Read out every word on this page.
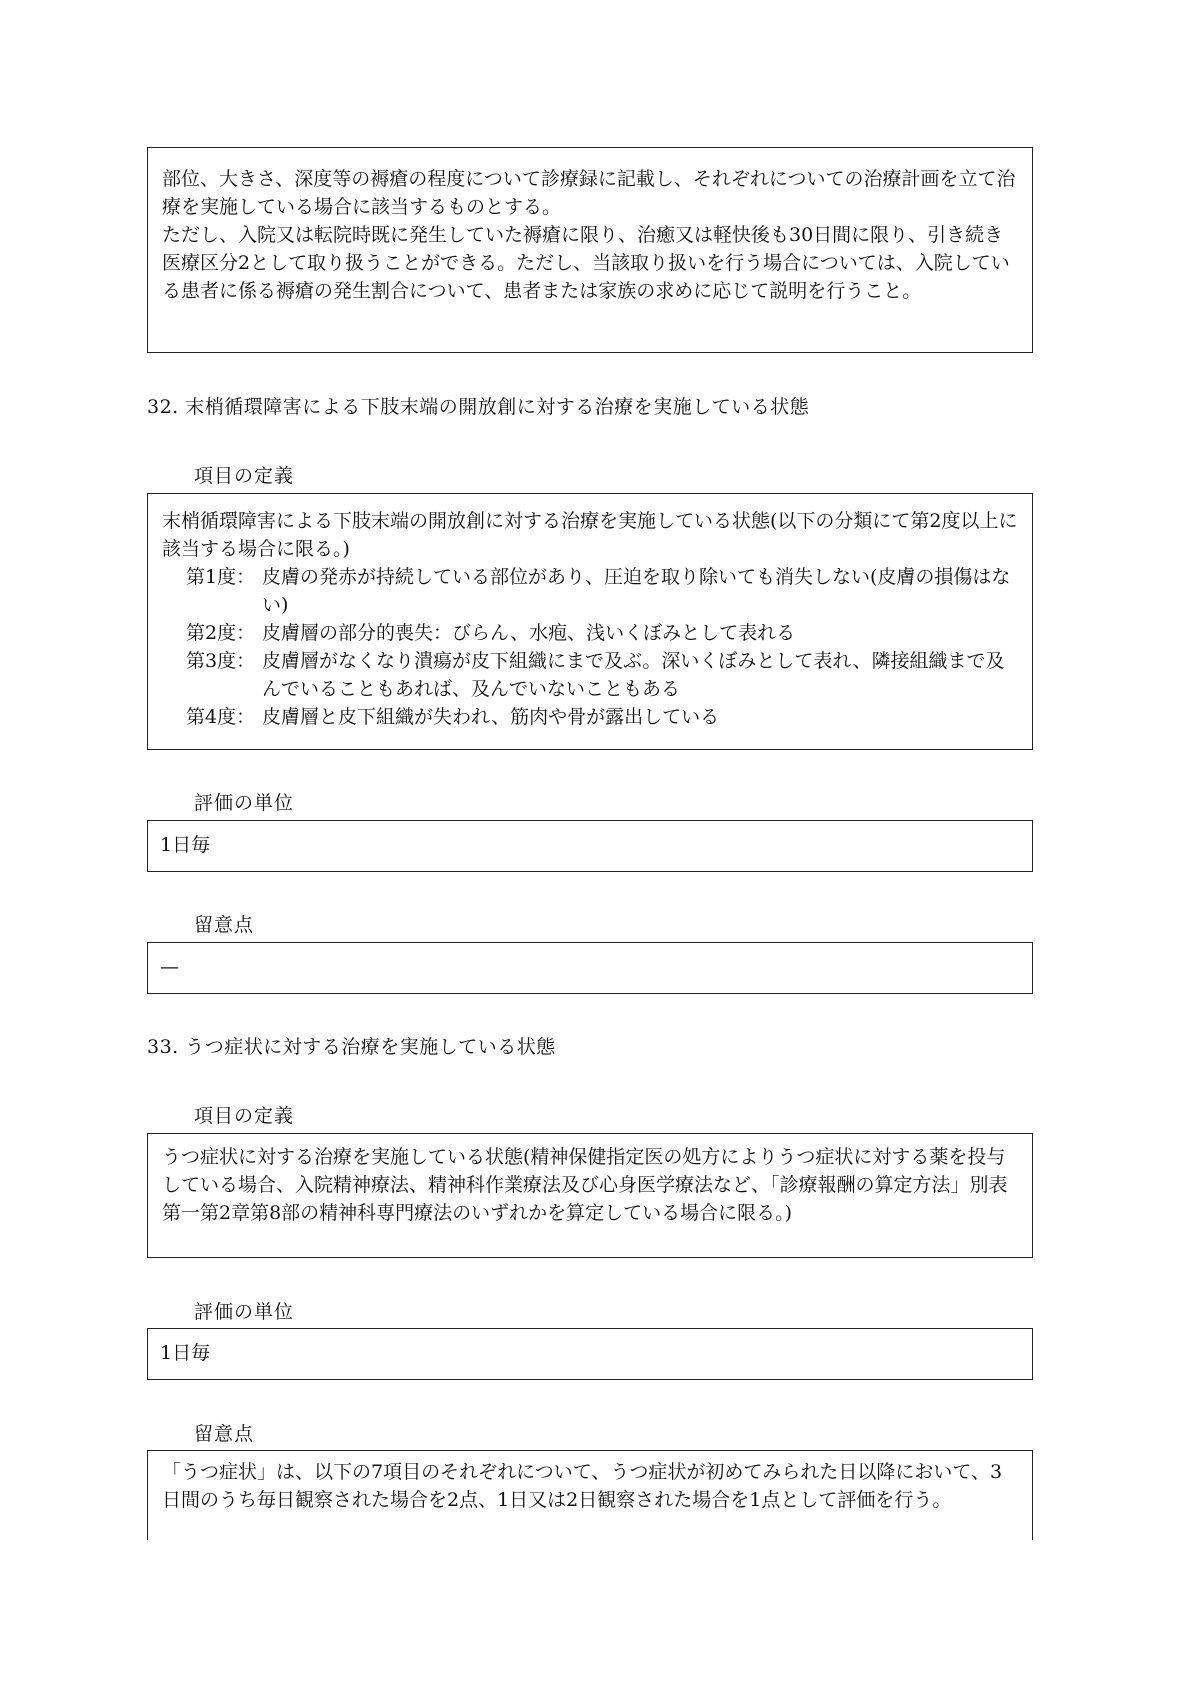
部位、大きさ、深度等の褥瘡の程度について診療録に記載し、それぞれについての治療計画を立て治療を実施している場合に該当するものとする。

ただし、入院又は転院時既に発生していた褥瘡に限り、治癒又は軽快後も30日間に限り、引き続き医療区分2として取り扱うことができる。ただし、当該取り扱いを行う場合については、入院している患者に係る褥瘡の発生割合について、患者または家族の求めに応じて説明を行うこと。

32. 末梢循環障害による下肢末端の開放創に対する治療を実施している状態
項目の定義

末梢循環障害による下肢末端の開放創に対する治療を実施している状態(以下の分類にて第2度以上に該当する場合に限る。)

第1度： 皮膚の発赤が持続している部位があり、圧迫を取り除いても消失しない(皮膚の損傷はない)
第2度： 皮膚層の部分的喪失：びらん、水疱、浅いくぼみとして表れる
第3度： 皮膚層がなくなり潰瘍が皮下組織にまで及ぶ。深いくぼみとして表れ、隣接組織まで及んでいることもあれば、及んでいないこともある
第4度： 皮膚層と皮下組織が失われ、筋肉や骨が露出している
評価の単位
1日毎
留意点
—
33. うつ症状に対する治療を実施している状態
項目の定義

うつ症状に対する治療を実施している状態(精神保健指定医の処方によりうつ症状に対する薬を投与している場合、入院精神療法、精神科作業療法及び心身医学療法など、「診療報酬の算定方法」別表第一第2章第8部の精神科専門療法のいずれかを算定している場合に限る。)

評価の単位
1日毎
留意点

「うつ症状」は、以下の7項目のそれぞれについて、うつ症状が初めてみられた日以降において、3日間のうち毎日観察された場合を2点、1日又は2日観察された場合を1点として評価を行う。
